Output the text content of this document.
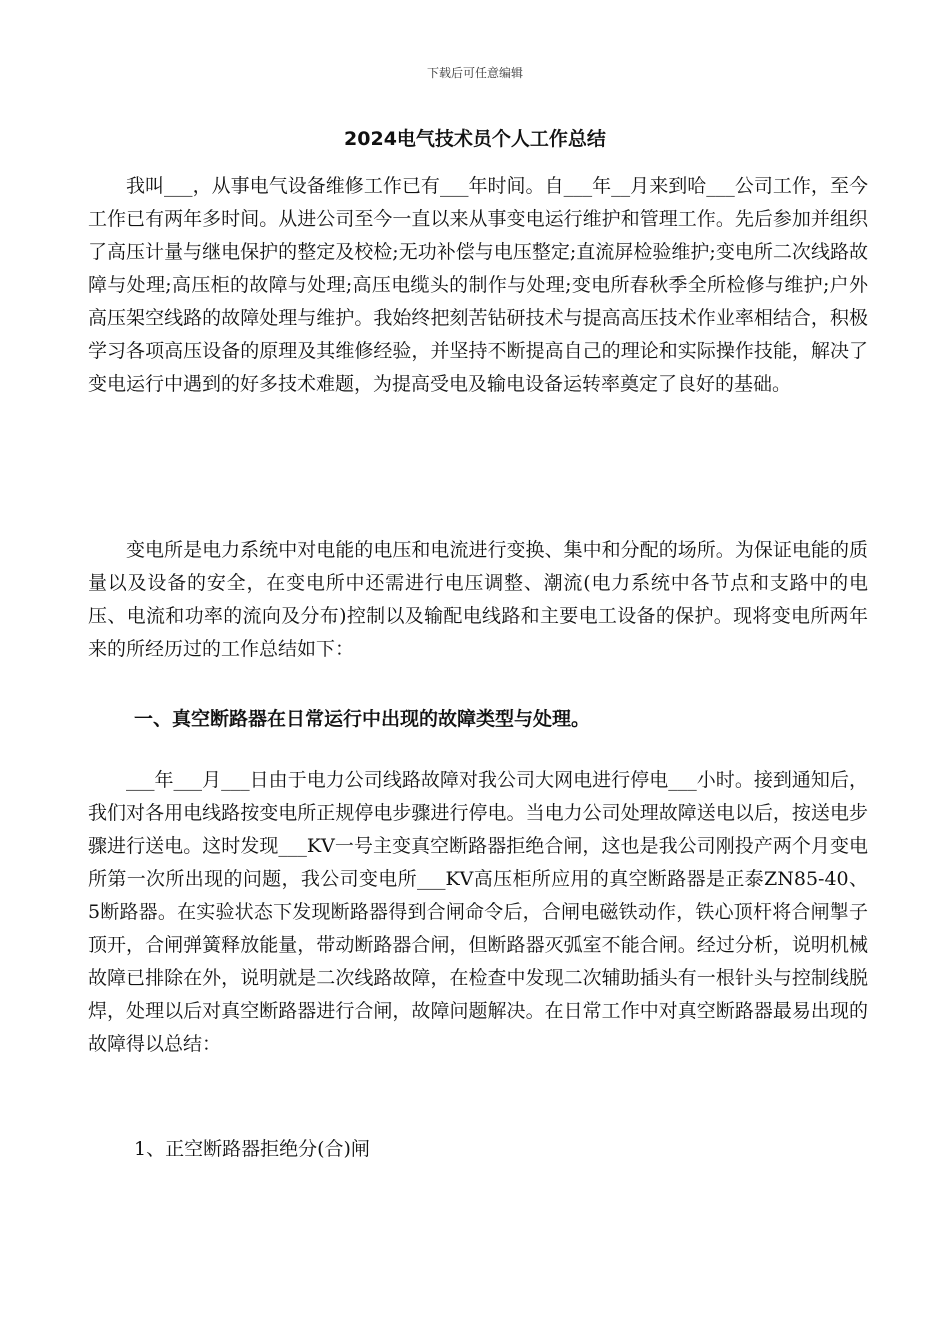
下载后可任意编辑
2024电气技术员个人工作总结

我叫___，从事电气设备维修工作已有___年时间。自___年__月来到哈___公司工作，至今工作已有两年多时间。从进公司至今一直以来从事变电运行维护和管理工作。先后参加并组织了高压计量与继电保护的整定及校检;无功补偿与电压整定;直流屏检验维护;变电所二次线路故障与处理;高压柜的故障与处理;高压电缆头的制作与处理;变电所春秋季全所检修与维护;户外高压架空线路的故障处理与维护。我始终把刻苦钻研技术与提高高压技术作业率相结合，积极学习各项高压设备的原理及其维修经验，并坚持不断提高自己的理论和实际操作技能，解决了变电运行中遇到的好多技术难题，为提高受电及输电设备运转率奠定了良好的基础。

变电所是电力系统中对电能的电压和电流进行变换、集中和分配的场所。为保证电能的质量以及设备的安全，在变电所中还需进行电压调整、潮流(电力系统中各节点和支路中的电压、电流和功率的流向及分布)控制以及输配电线路和主要电工设备的保护。现将变电所两年来的所经历过的工作总结如下：

一、真空断路器在日常运行中出现的故障类型与处理。

___年___月___日由于电力公司线路故障对我公司大网电进行停电___小时。接到通知后，我们对各用电线路按变电所正规停电步骤进行停电。当电力公司处理故障送电以后，按送电步骤进行送电。这时发现___KV一号主变真空断路器拒绝合闸，这也是我公司刚投产两个月变电所第一次所出现的问题，我公司变电所___KV高压柜所应用的真空断路器是正泰ZN85-40、5断路器。在实验状态下发现断路器得到合闸命令后，合闸电磁铁动作，铁心顶杆将合闸掣子顶开，合闸弹簧释放能量，带动断路器合闸，但断路器灭弧室不能合闸。经过分析，说明机械故障已排除在外，说明就是二次线路故障，在检查中发现二次辅助插头有一根针头与控制线脱焊，处理以后对真空断路器进行合闸，故障问题解决。在日常工作中对真空断路器最易出现的故障得以总结：

1、正空断路器拒绝分(合)闸
